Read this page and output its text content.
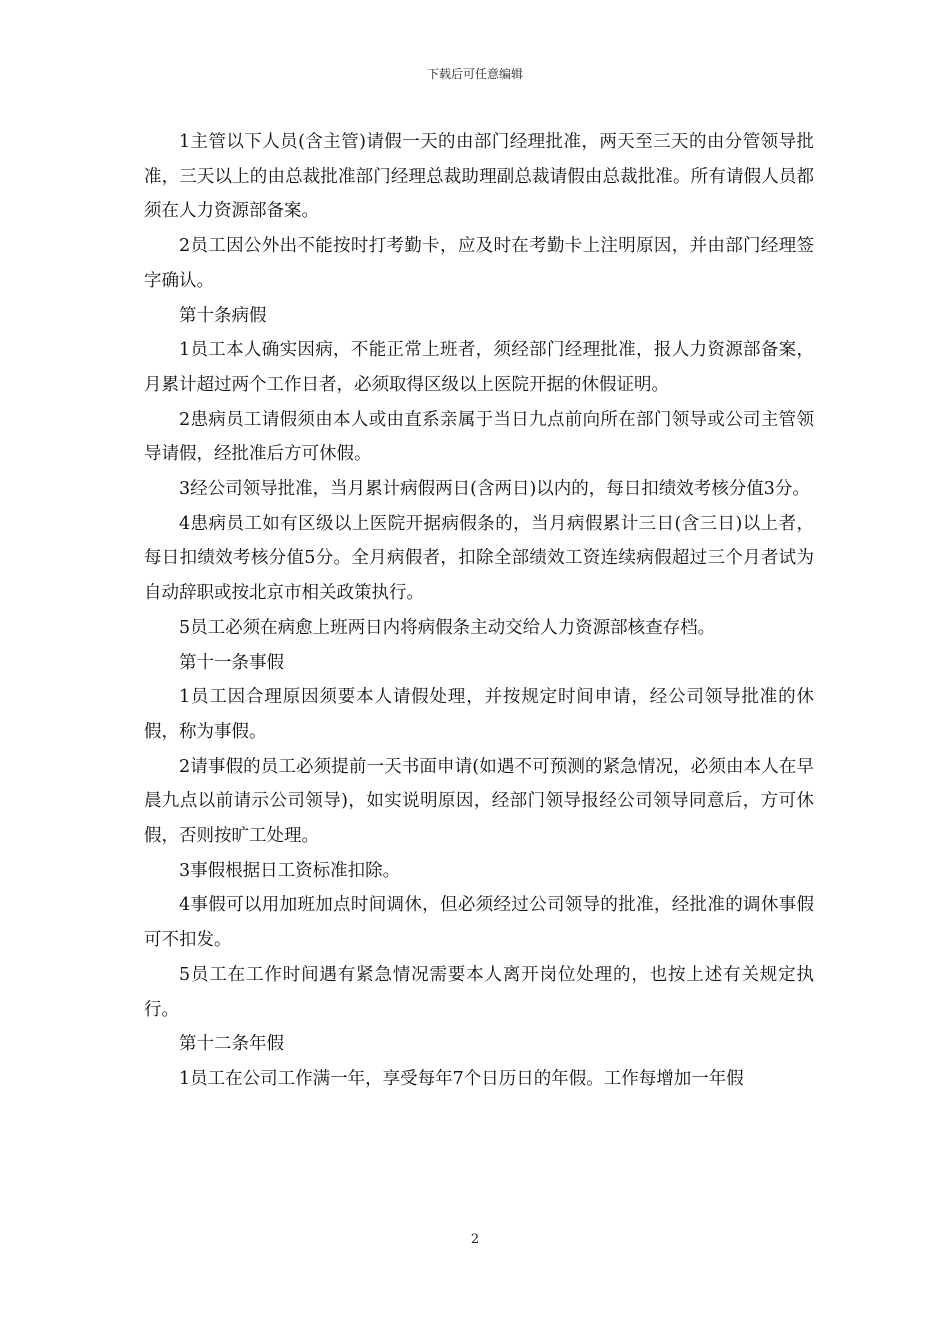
下载后可任意编辑

1主管以下人员(含主管)请假一天的由部门经理批准，两天至三天的由分管领导批准，三天以上的由总裁批准部门经理总裁助理副总裁请假由总裁批准。所有请假人员都须在人力资源部备案。

2员工因公外出不能按时打考勤卡，应及时在考勤卡上注明原因，并由部门经理签字确认。

第十条病假

1员工本人确实因病，不能正常上班者，须经部门经理批准，报人力资源部备案，月累计超过两个工作日者，必须取得区级以上医院开据的休假证明。

2患病员工请假须由本人或由直系亲属于当日九点前向所在部门领导或公司主管领导请假，经批准后方可休假。

3经公司领导批准，当月累计病假两日(含两日)以内的，每日扣绩效考核分值3分。

4患病员工如有区级以上医院开据病假条的，当月病假累计三日(含三日)以上者，每日扣绩效考核分值5分。全月病假者，扣除全部绩效工资连续病假超过三个月者试为自动辞职或按北京市相关政策执行。

5员工必须在病愈上班两日内将病假条主动交给人力资源部核查存档。

第十一条事假

1员工因合理原因须要本人请假处理，并按规定时间申请，经公司领导批准的休假，称为事假。

2请事假的员工必须提前一天书面申请(如遇不可预测的紧急情况，必须由本人在早晨九点以前请示公司领导)，如实说明原因，经部门领导报经公司领导同意后，方可休假，否则按旷工处理。

3事假根据日工资标准扣除。

4事假可以用加班加点时间调休，但必须经过公司领导的批准，经批准的调休事假可不扣发。

5员工在工作时间遇有紧急情况需要本人离开岗位处理的，也按上述有关规定执行。

第十二条年假

1员工在公司工作满一年，享受每年7个日历日的年假。工作每增加一年假

2
